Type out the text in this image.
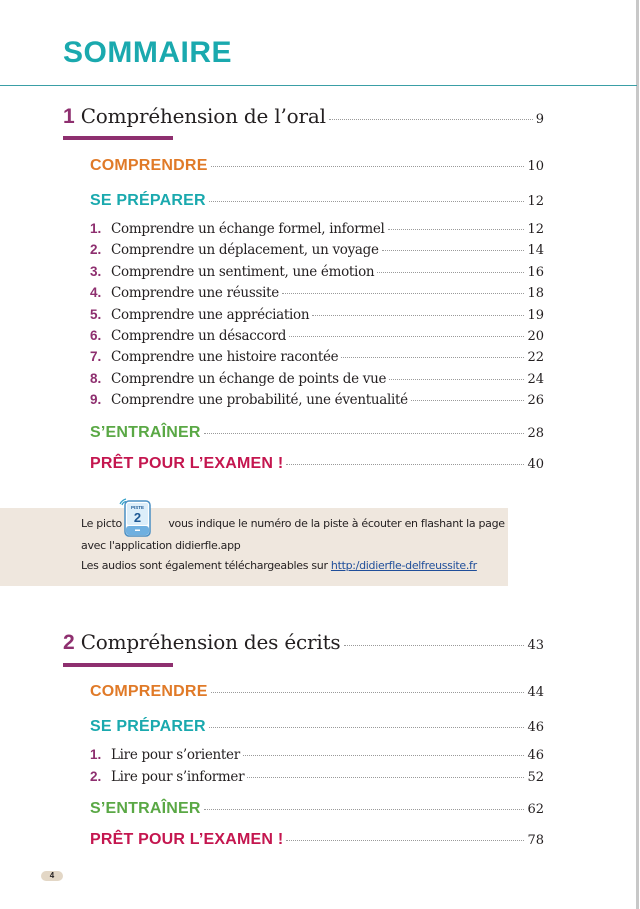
SOMMAIRE
1 Compréhension de l’oral	9
COMPRENDRE	10
SE PRÉPARER	12
1. Comprendre un échange formel, informel	12
2. Comprendre un déplacement, un voyage	14
3. Comprendre un sentiment, une émotion	16
4. Comprendre une réussite	18
5. Comprendre une appréciation	19
6. Comprendre un désaccord	20
7. Comprendre une histoire racontée	22
8. Comprendre un échange de points de vue	24
9. Comprendre une probabilité, une éventualité	26
S’ENTRAÎNER	28
PRÊT POUR L’EXAMEN !	40
Le picto	vous indique le numéro de la piste à écouter en flashant la page
avec l'application didierfle.app
Les audios sont également téléchargeables sur http:/didierfle-delfreussite.fr
PISTE
2
2 Compréhension des écrits	43
COMPRENDRE	44
SE PRÉPARER	46
1. Lire pour s’orienter	46
2. Lire pour s’informer	52
S’ENTRAÎNER	62
PRÊT POUR L’EXAMEN !	78
4
